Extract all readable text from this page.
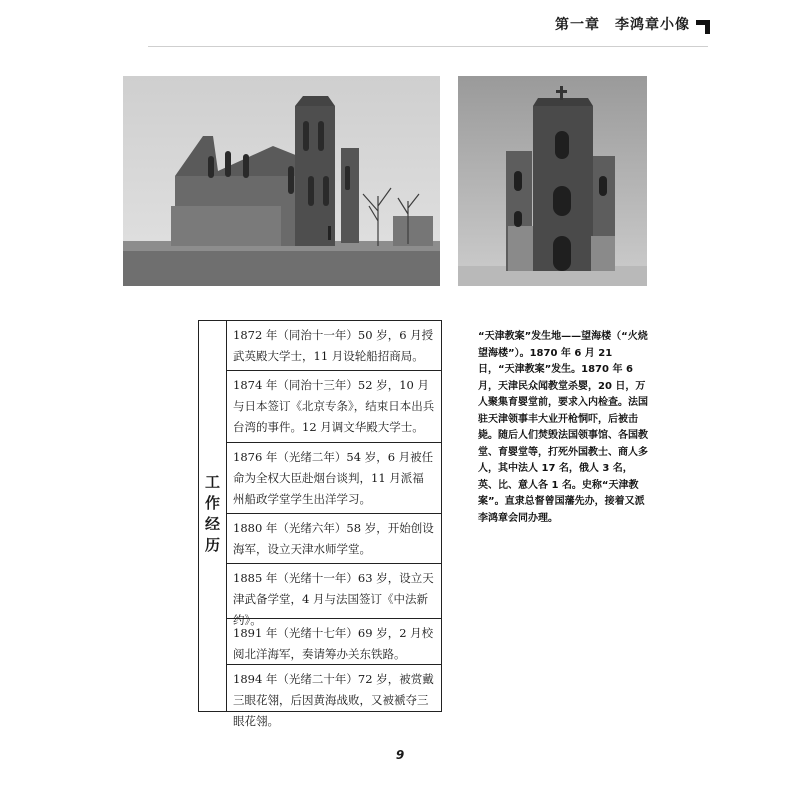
第一章　李鸿章小像
工作经历
1872 年（同治十一年）50 岁，6 月授武英殿大学士，11 月设轮船招商局。
1874 年（同治十三年）52 岁，10 月与日本签订《北京专条》，结束日本出兵台湾的事件。12 月调文华殿大学士。
1876 年（光绪二年）54 岁，6 月被任命为全权大臣赴烟台谈判，11 月派福州船政学堂学生出洋学习。
1880 年（光绪六年）58 岁，开始创设海军，设立天津水师学堂。
1885 年（光绪十一年）63 岁，设立天津武备学堂，4 月与法国签订《中法新约》。
1891 年（光绪十七年）69 岁，2 月校阅北洋海军，奏请筹办关东铁路。
1894 年（光绪二十年）72 岁，被赏戴三眼花翎，后因黄海战败，又被褫夺三眼花翎。
“天津教案”发生地——望海楼（“火烧望海楼”）。1870 年 6 月 21 日，“天津教案”发生。1870 年 6 月，天津民众闻教堂杀婴，20 日，万人聚集育婴堂前，要求入内检查。法国驻天津领事丰大业开枪恫吓，后被击毙。随后人们焚毁法国领事馆、各国教堂、育婴堂等，打死外国教士、商人多人，其中法人 17 名，俄人 3 名，英、比、意人各 1 名。史称“天津教案”。直隶总督曾国藩先办，接着又派李鸿章会同办理。
9
